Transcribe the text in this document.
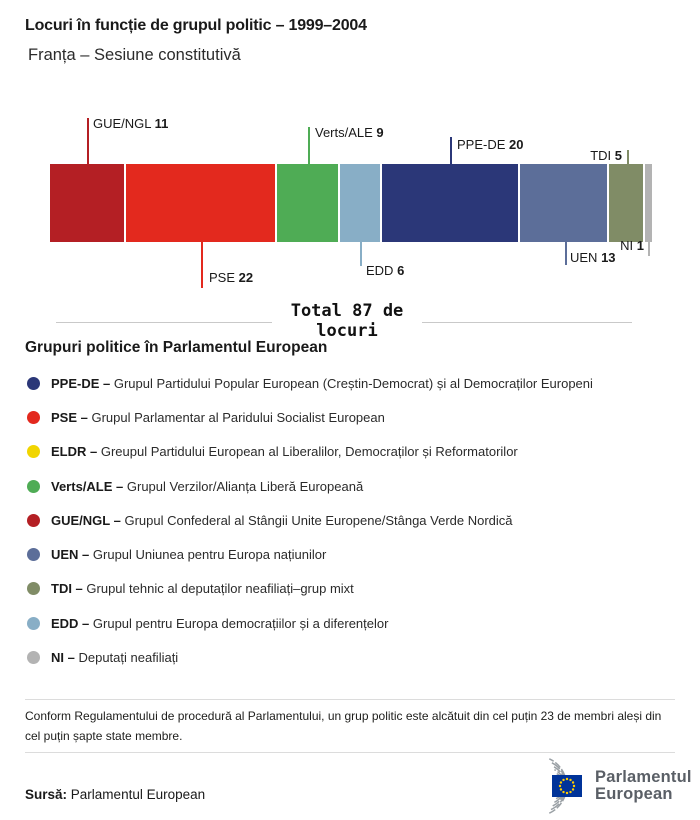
Locuri în funcție de grupul politic – 1999–2004
Franța – Sesiune constitutivă
GUE/NGL 11
PSE 22
Verts/ALE 9
EDD 6
PPE-DE 20
UEN 13
TDI 5
NI 1
Total 87 de locuri
Grupuri politice în Parlamentul European
PPE-DE – Grupul Partidului Popular European (Creștin-Democrat) și al Democraților Europeni
PSE – Grupul Parlamentar al Paridului Socialist European
ELDR – Greupul Partidului European al Liberalilor, Democraților și Reformatorilor
Verts/ALE – Grupul Verzilor/Alianța Liberă Europeană
GUE/NGL – Grupul Confederal al Stângii Unite Europene/Stânga Verde Nordică
UEN – Grupul Uniunea pentru Europa națiunilor
TDI – Grupul tehnic al deputaților neafiliați–grup mixt
EDD – Grupul pentru Europa democrațiilor și a diferențelor
NI – Deputați neafiliați

Conform Regulamentului de procedură al Parlamentului, un grup politic este alcătuit din cel puțin 23 de membri aleși din cel puțin șapte state membre.

Sursă: Parlamentul European
Parlamentul
European
